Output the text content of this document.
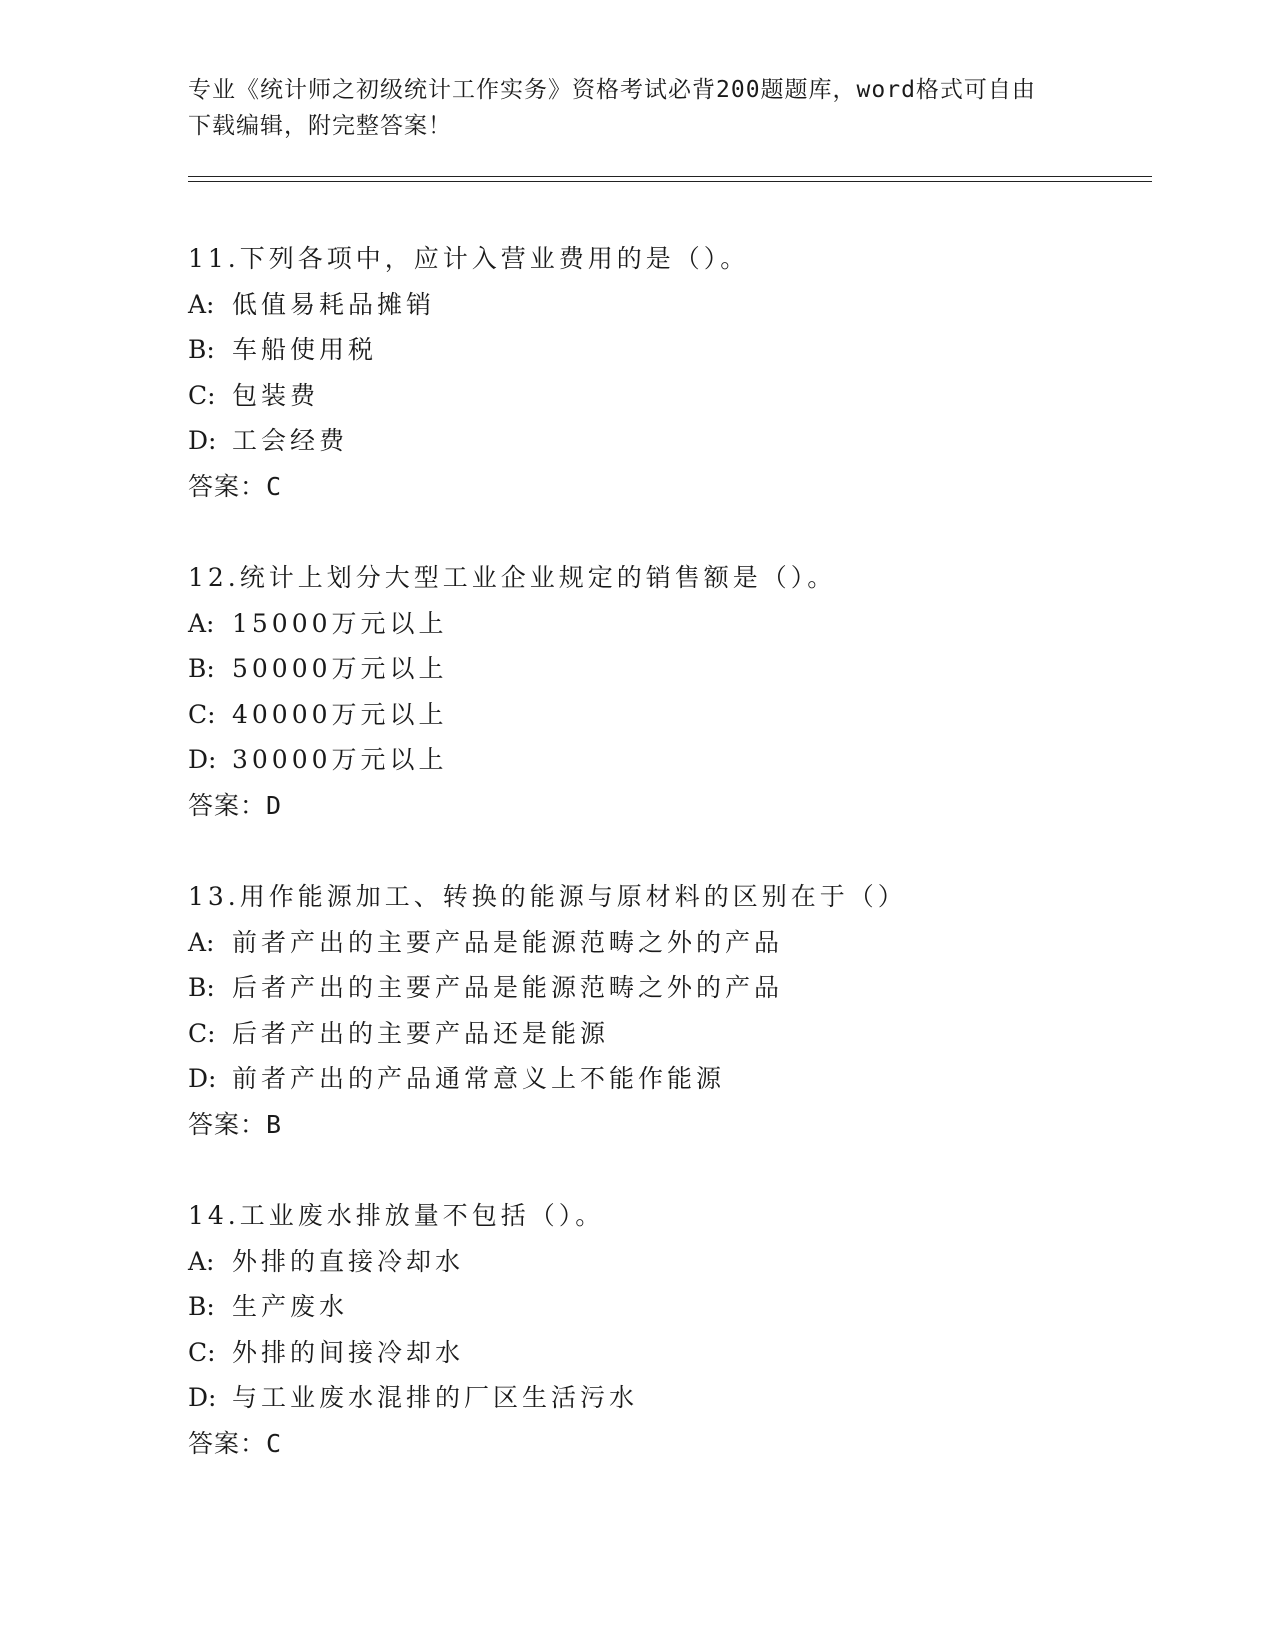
专业《统计师之初级统计工作实务》资格考试必背200题题库，word格式可自由
下载编辑，附完整答案！
11.下列各项中，应计入营业费用的是（）。
A: 低值易耗品摊销
B: 车船使用税
C: 包装费
D: 工会经费
答案：C
12.统计上划分大型工业企业规定的销售额是（）。
A: 15000万元以上
B: 50000万元以上
C: 40000万元以上
D: 30000万元以上
答案：D
13.用作能源加工、转换的能源与原材料的区别在于（）
A: 前者产出的主要产品是能源范畴之外的产品
B: 后者产出的主要产品是能源范畴之外的产品
C: 后者产出的主要产品还是能源
D: 前者产出的产品通常意义上不能作能源
答案：B
14.工业废水排放量不包括（）。
A: 外排的直接冷却水
B: 生产废水
C: 外排的间接冷却水
D: 与工业废水混排的厂区生活污水
答案：C
